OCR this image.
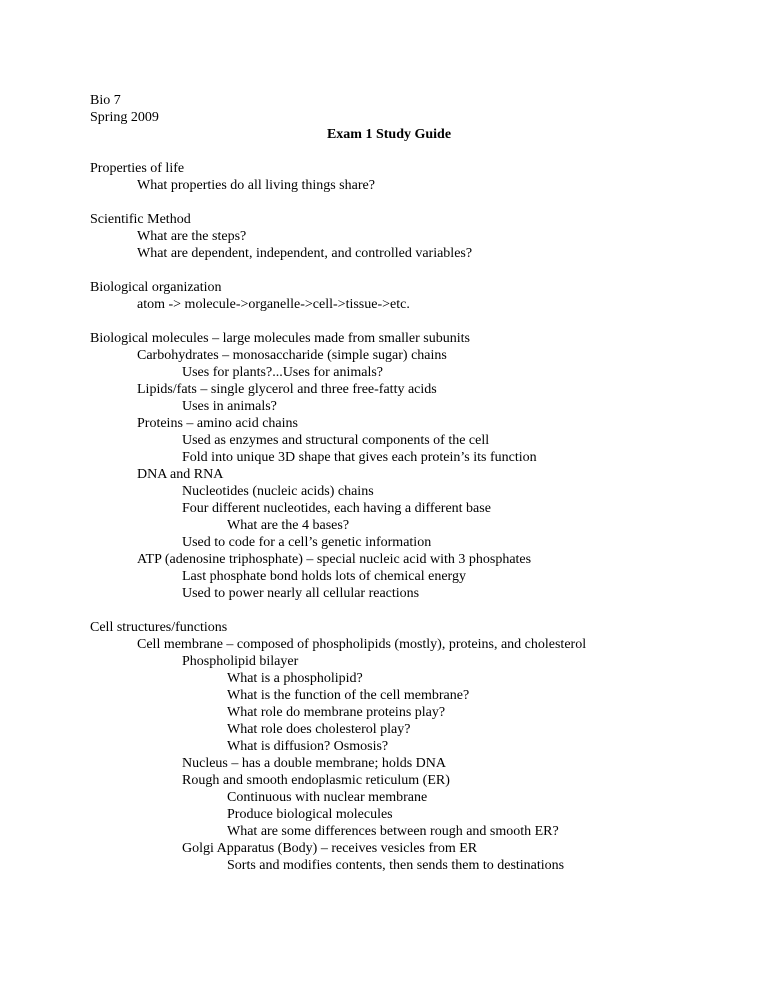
Bio 7
Spring 2009
Exam 1 Study Guide
Properties of life
What properties do all living things share?
Scientific Method
What are the steps?
What are dependent, independent, and controlled variables?
Biological organization
atom -> molecule->organelle->cell->tissue->etc.
Biological molecules – large molecules made from smaller subunits
Carbohydrates – monosaccharide (simple sugar) chains
Uses for plants?...Uses for animals?
Lipids/fats – single glycerol and three free-fatty acids
Uses in animals?
Proteins – amino acid chains
Used as enzymes and structural components of the cell
Fold into unique 3D shape that gives each protein’s its function
DNA and RNA
Nucleotides (nucleic acids) chains
Four different nucleotides, each having a different base
What are the 4 bases?
Used to code for a cell’s genetic information
ATP (adenosine triphosphate) – special nucleic acid with 3 phosphates
Last phosphate bond holds lots of chemical energy
Used to power nearly all cellular reactions
Cell structures/functions
Cell membrane – composed of phospholipids (mostly), proteins, and cholesterol
Phospholipid bilayer
What is a phospholipid?
What is the function of the cell membrane?
What role do membrane proteins play?
What role does cholesterol play?
What is diffusion? Osmosis?
Nucleus – has a double membrane; holds DNA
Rough and smooth endoplasmic reticulum (ER)
Continuous with nuclear membrane
Produce biological molecules
What are some differences between rough and smooth ER?
Golgi Apparatus (Body) – receives vesicles from ER
Sorts and modifies contents, then sends them to destinations
